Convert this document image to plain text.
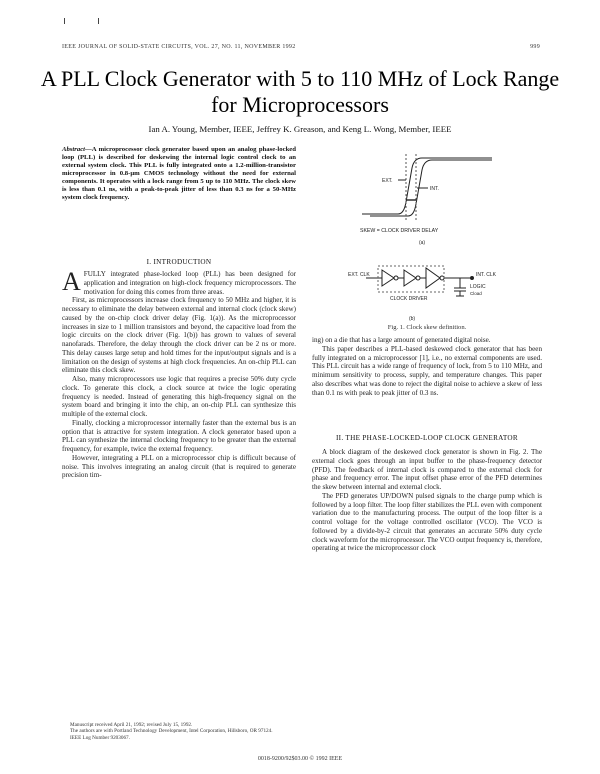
IEEE JOURNAL OF SOLID-STATE CIRCUITS, VOL. 27, NO. 11, NOVEMBER 1992	999
A PLL Clock Generator with 5 to 110 MHz of Lock Range for Microprocessors
Ian A. Young, Member, IEEE, Jeffrey K. Greason, and Keng L. Wong, Member, IEEE
Abstract—A microprocessor clock generator based upon an analog phase-locked loop (PLL) is described for deskewing the internal logic control clock to an external system clock. This PLL is fully integrated onto a 1.2-million-transistor microprocessor in 0.8-μm CMOS technology without the need for external components. It operates with a lock range from 5 up to 110 MHz. The clock skew is less than 0.1 ns, with a peak-to-peak jitter of less than 0.3 ns for a 50-MHz system clock frequency.
I. INTRODUCTION

AFULLY integrated phase-locked loop (PLL) has been designed for application and integration on high-clock frequency microprocessors. The motivation for doing this comes from three areas.

First, as microprocessors increase clock frequency to 50 MHz and higher, it is necessary to eliminate the delay between external and internal clock (clock skew) caused by the on-chip clock driver delay (Fig. 1(a)). As the microprocessor increases in size to 1 million transistors and beyond, the capacitive load from the logic circuits on the clock driver (Fig. 1(b)) has grown to values of several nanofarads. Therefore, the delay through the clock driver can be 2 ns or more. This delay causes large setup and hold times for the input/output signals and is a limitation on the design of systems at high clock frequencies. An on-chip PLL can eliminate this clock skew.

Also, many microprocessors use logic that requires a precise 50% duty cycle clock. To generate this clock, a clock source at twice the logic operating frequency is needed. Instead of generating this high-frequency signal on the system board and bringing it into the chip, an on-chip PLL can synthesize this multiple of the external clock.

Finally, clocking a microprocessor internally faster than the external bus is an option that is attractive for system integration. A clock generator based upon a PLL can synthesize the internal clocking frequency to be greater than the external frequency, for example, twice the external frequency.

However, integrating a PLL on a microprocessor chip is difficult because of noise. This involves integrating an analog circuit (that is required to generate precision tim-

Manuscript received April 21, 1992; revised July 15, 1992.
The authors are with Portland Technology Development, Intel Corporation, Hillsboro, OR 97124.
IEEE Log Number 9203067.
EXT.
INT.
SKEW = CLOCK DRIVER DELAY
(a)
EXT. CLK	INT. CLK
CLOCK DRIVER
LOGIC
Cload
(b)
Fig. 1. Clock skew definition.

ing) on a die that has a large amount of generated digital noise.

This paper describes a PLL-based deskewed clock generator that has been fully integrated on a microprocessor [1], i.e., no external components are used. This PLL circuit has a wide range of frequency of lock, from 5 to 110 MHz, and minimum sensitivity to process, supply, and temperature changes. This paper also describes what was done to reject the digital noise to achieve a skew of less than 0.1 ns with peak to peak jitter of 0.3 ns.

II. THE PHASE-LOCKED-LOOP CLOCK GENERATOR

A block diagram of the deskewed clock generator is shown in Fig. 2. The external clock goes through an input buffer to the phase-frequency detector (PFD). The feedback of internal clock is compared to the external clock for phase and frequency error. The input offset phase error of the PFD determines the skew between internal and external clock.

The PFD generates UP/DOWN pulsed signals to the charge pump which is followed by a loop filter. The loop filter stabilizes the PLL even with component variation due to the manufacturing process. The output of the loop filter is a control voltage for the voltage controlled oscillator (VCO). The VCO is followed by a divide-by-2 circuit that generates an accurate 50% duty cycle clock waveform for the microprocessor. The VCO output frequency is, therefore, operating at twice the microprocessor clock

0018-9200/92$03.00 © 1992 IEEE
